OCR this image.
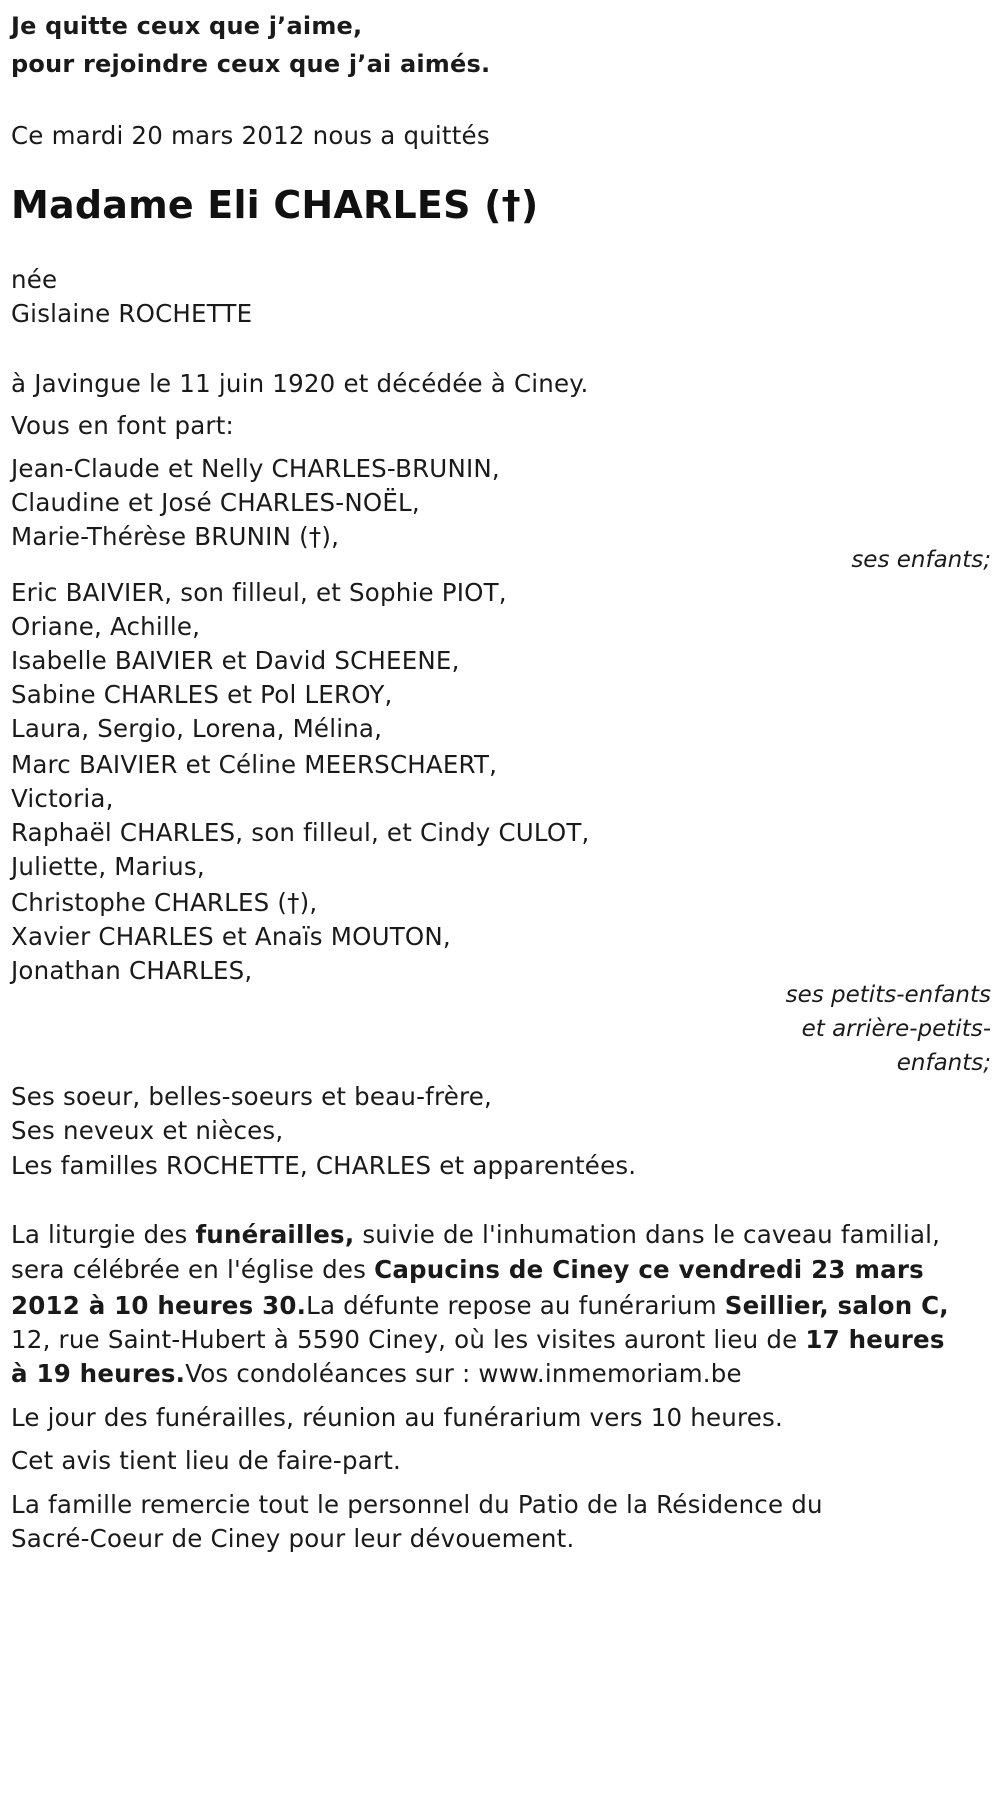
Je quitte ceux que j’aime,
pour rejoindre ceux que j’ai aimés.
Ce mardi 20 mars 2012 nous a quittés
Madame Eli CHARLES (†)
née
Gislaine ROCHETTE
à Javingue le 11 juin 1920 et décédée à Ciney.
Vous en font part:
Jean-Claude et Nelly CHARLES-BRUNIN,
Claudine et José CHARLES-NOËL,
Marie-Thérèse BRUNIN (†),
ses enfants;
Eric BAIVIER, son filleul, et Sophie PIOT,
Oriane, Achille,
Isabelle BAIVIER et David SCHEENE,
Sabine CHARLES et Pol LEROY,
Laura, Sergio, Lorena, Mélina,
Marc BAIVIER et Céline MEERSCHAERT,
Victoria,
Raphaël CHARLES, son filleul, et Cindy CULOT,
Juliette, Marius,
Christophe CHARLES (†),
Xavier CHARLES et Anaïs MOUTON,
Jonathan CHARLES,
ses petits-enfants
et arrière-petits-
enfants;
Ses soeur, belles-soeurs et beau-frère,
Ses neveux et nièces,
Les familles ROCHETTE, CHARLES et apparentées.
La liturgie des funérailles, suivie de l'inhumation dans le caveau familial,
sera célébrée en l'église des Capucins de Ciney ce vendredi 23 mars
2012 à 10 heures 30.La défunte repose au funérarium Seillier, salon C,
12, rue Saint-Hubert à 5590 Ciney, où les visites auront lieu de 17 heures
à 19 heures.Vos condoléances sur : www.inmemoriam.be
Le jour des funérailles, réunion au funérarium vers 10 heures.
Cet avis tient lieu de faire-part.
La famille remercie tout le personnel du Patio de la Résidence du
Sacré-Coeur de Ciney pour leur dévouement.
